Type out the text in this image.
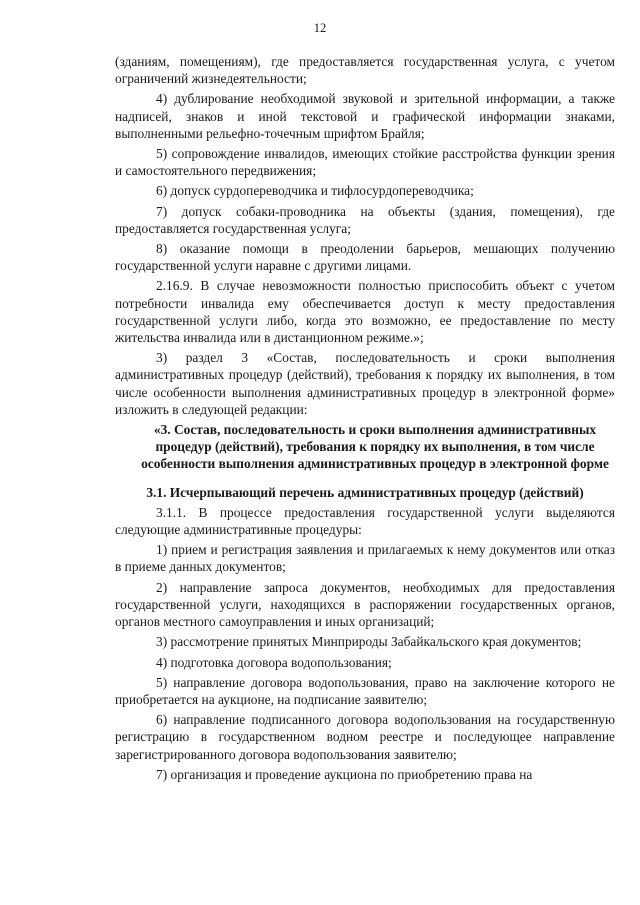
12

(зданиям, помещениям), где предоставляется государственная услуга, с учетом ограничений жизнедеятельности;

4) дублирование необходимой звуковой и зрительной информации, а также надписей, знаков и иной текстовой и графической информации знаками, выполненными рельефно-точечным шрифтом Брайля;

5) сопровождение инвалидов, имеющих стойкие расстройства функции зрения и самостоятельного передвижения;

6) допуск сурдопереводчика и тифлосурдопереводчика;

7) допуск собаки-проводника на объекты (здания, помещения), где предоставляется государственная услуга;

8) оказание помощи в преодолении барьеров, мешающих получению государственной услуги наравне с другими лицами.

2.16.9. В случае невозможности полностью приспособить объект с учетом потребности инвалида ему обеспечивается доступ к месту предоставления государственной услуги либо, когда это возможно, ее предоставление по месту жительства инвалида или в дистанционном режиме.»;

3) раздел 3 «Состав, последовательность и сроки выполнения административных процедур (действий), требования к порядку их выполнения, в том числе особенности выполнения административных процедур в электронной форме» изложить в следующей редакции:

«3. Состав, последовательность и сроки выполнения административных процедур (действий), требования к порядку их выполнения, в том числе особенности выполнения административных процедур в электронной форме

3.1. Исчерпывающий перечень административных процедур (действий)

3.1.1. В процессе предоставления государственной услуги выделяются следующие административные процедуры:

1) прием и регистрация заявления и прилагаемых к нему документов или отказ в приеме данных документов;

2) направление запроса документов, необходимых для предоставления государственной услуги, находящихся в распоряжении государственных органов, органов местного самоуправления и иных организаций;

3) рассмотрение принятых Минприроды Забайкальского края документов;

4) подготовка договора водопользования;

5) направление договора водопользования, право на заключение которого не приобретается на аукционе, на подписание заявителю;

6) направление подписанного договора водопользования на государственную регистрацию в государственном водном реестре и последующее направление зарегистрированного договора водопользования заявителю;

7) организация и проведение аукциона по приобретению права на
